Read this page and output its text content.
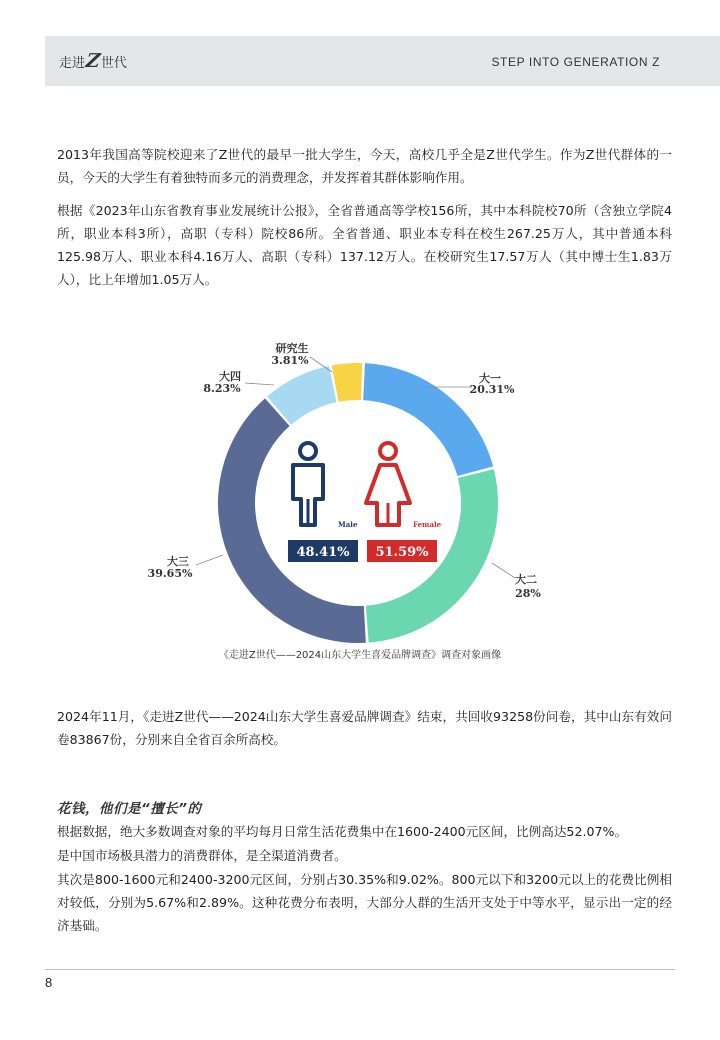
走进 Z 世代	STEP INTO GENERATION Z

2013年我国高等院校迎来了Z世代的最早一批大学生，今天，高校几乎全是Z世代学生。作为Z世代群体的一员，今天的大学生有着独特而多元的消费理念，并发挥着其群体影响作用。

根据《2023年山东省教育事业发展统计公报》，全省普通高等学校156所，其中本科院校70所（含独立学院4所，职业本科3所），高职（专科）院校86所。全省普通、职业本专科在校生267.25万人，其中普通本科125.98万人、职业本科4.16万人、高职（专科）137.12万人。在校研究生17.57万人（其中博士生1.83万人），比上年增加1.05万人。

大一
20.31%
大二
28%
大三
39.65%
大四
8.23%
研究生
3.81%
Male
48.41%
Female
51.59%
《走进Z世代——2024山东大学生喜爱品牌调查》调查对象画像

2024年11月，《走进Z世代——2024山东大学生喜爱品牌调查》结束，共回收93258份问卷，其中山东有效问卷83867份，分别来自全省百余所高校。

花钱，他们是“擅长”的

根据数据，绝大多数调查对象的平均每月日常生活花费集中在1600-2400元区间，比例高达52.07%。

是中国市场极具潜力的消费群体，是全渠道消费者。

其次是800-1600元和2400-3200元区间，分别占30.35%和9.02%。800元以下和3200元以上的花费比例相对较低，分别为5.67%和2.89%。这种花费分布表明，大部分人群的生活开支处于中等水平，显示出一定的经济基础。

8
